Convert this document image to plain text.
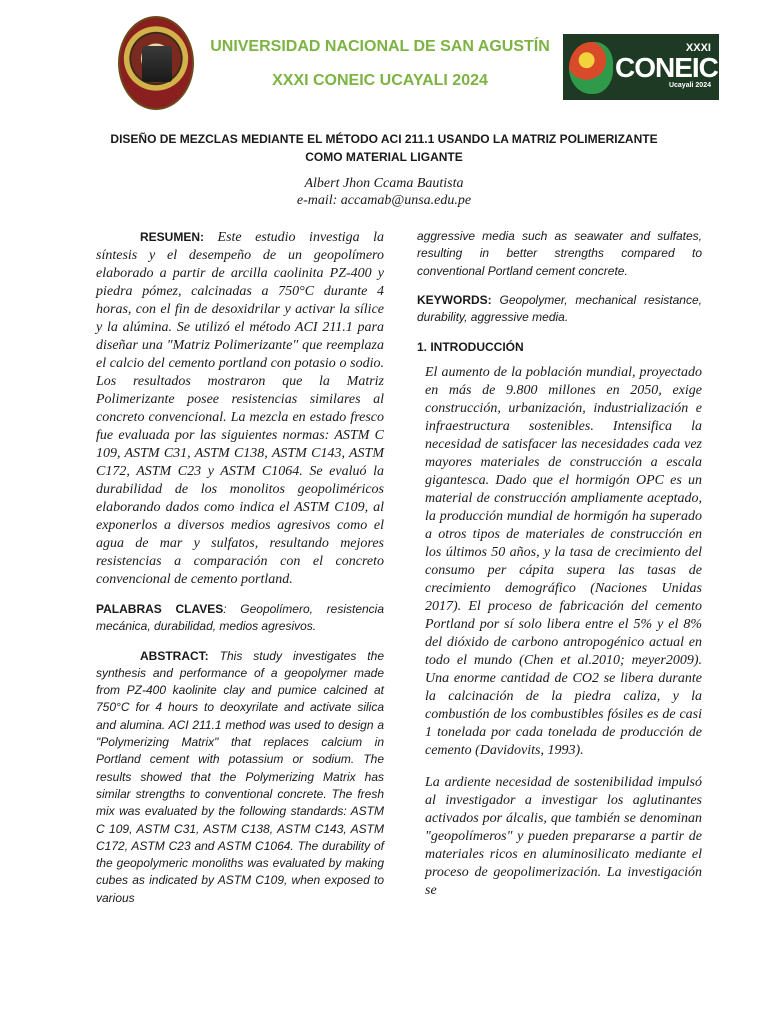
UNIVERSIDAD NACIONAL DE SAN AGUSTÍN
XXXI CONEIC UCAYALI 2024
XXXI
CONEIC
Ucayali 2024
DISEÑO DE MEZCLAS MEDIANTE EL MÉTODO ACI 211.1 USANDO LA MATRIZ POLIMERIZANTE COMO MATERIAL LIGANTE
Albert Jhon Ccama Bautista
e-mail: accamab@unsa.edu.pe

RESUMEN: Este estudio investiga la síntesis y el desempeño de un geopolímero elaborado a partir de arcilla caolinita PZ-400 y piedra pómez, calcinadas a 750°C durante 4 horas, con el fin de desoxidrilar y activar la sílice y la alúmina. Se utilizó el método ACI 211.1 para diseñar una "Matriz Polimerizante" que reemplaza el calcio del cemento portland con potasio o sodio. Los resultados mostraron que la Matriz Polimerizante posee resistencias similares al concreto convencional. La mezcla en estado fresco fue evaluada por las siguientes normas: ASTM C 109, ASTM C31, ASTM C138, ASTM C143, ASTM C172, ASTM C23 y ASTM C1064. Se evaluó la durabilidad de los monolitos geopoliméricos elaborando dados como indica el ASTM C109, al exponerlos a diversos medios agresivos como el agua de mar y sulfatos, resultando mejores resistencias a comparación con el concreto convencional de cemento portland.

PALABRAS CLAVES: Geopolímero, resistencia mecánica, durabilidad, medios agresivos.

ABSTRACT: This study investigates the synthesis and performance of a geopolymer made from PZ-400 kaolinite clay and pumice calcined at 750°C for 4 hours to deoxyrilate and activate silica and alumina. ACI 211.1 method was used to design a "Polymerizing Matrix" that replaces calcium in Portland cement with potassium or sodium. The results showed that the Polymerizing Matrix has similar strengths to conventional concrete. The fresh mix was evaluated by the following standards: ASTM C 109, ASTM C31, ASTM C138, ASTM C143, ASTM C172, ASTM C23 and ASTM C1064. The durability of the geopolymeric monoliths was evaluated by making cubes as indicated by ASTM C109, when exposed to various

aggressive media such as seawater and sulfates, resulting in better strengths compared to conventional Portland cement concrete.

KEYWORDS: Geopolymer, mechanical resistance, durability, aggressive media.

1. INTRODUCCIÓN

El aumento de la población mundial, proyectado en más de 9.800 millones en 2050, exige construcción, urbanización, industrialización e infraestructura sostenibles. Intensifica la necesidad de satisfacer las necesidades cada vez mayores materiales de construcción a escala gigantesca. Dado que el hormigón OPC es un material de construcción ampliamente aceptado, la producción mundial de hormigón ha superado a otros tipos de materiales de construcción en los últimos 50 años, y la tasa de crecimiento del consumo per cápita supera las tasas de crecimiento demográfico (Naciones Unidas 2017). El proceso de fabricación del cemento Portland por sí solo libera entre el 5% y el 8% del dióxido de carbono antropogénico actual en todo el mundo (Chen et al.2010; meyer2009). Una enorme cantidad de CO2 se libera durante la calcinación de la piedra caliza, y la combustión de los combustibles fósiles es de casi 1 tonelada por cada tonelada de producción de cemento (Davidovits, 1993).

La ardiente necesidad de sostenibilidad impulsó al investigador a investigar los aglutinantes activados por álcalis, que también se denominan "geopolímeros" y pueden prepararse a partir de materiales ricos en aluminosilicato mediante el proceso de geopolimerización. La investigación se
